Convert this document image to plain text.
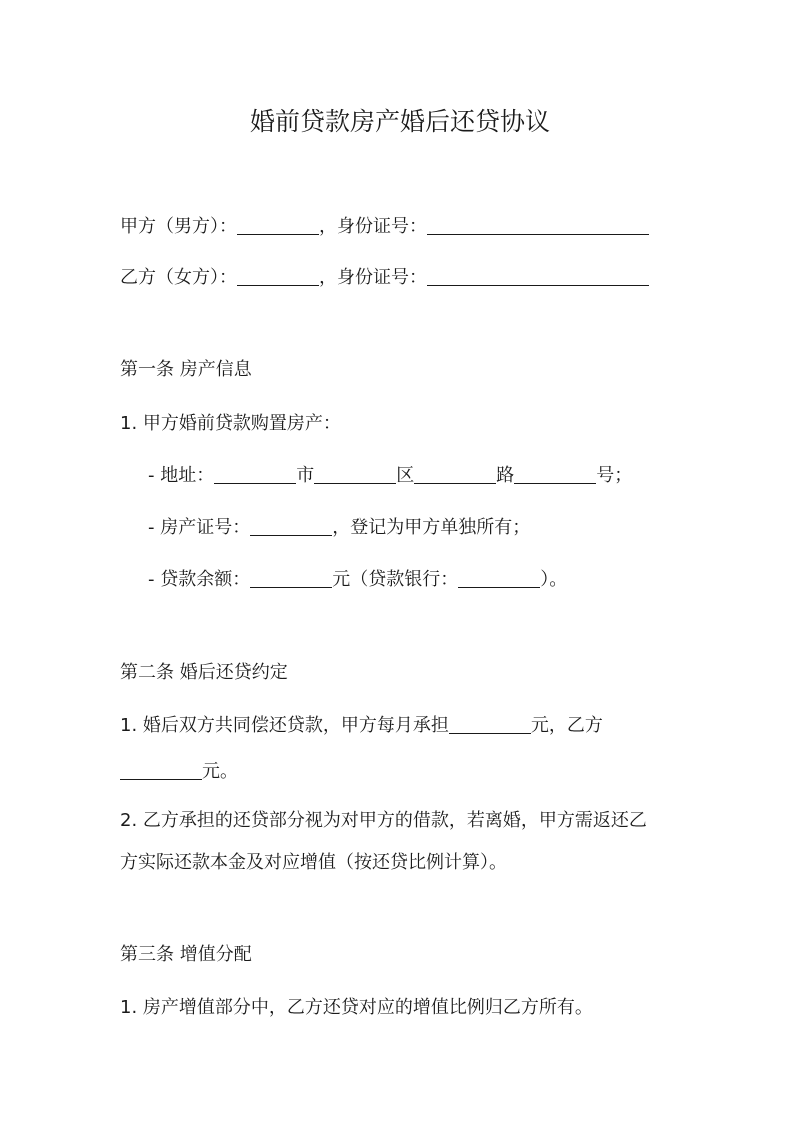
婚前贷款房产婚后还贷协议
甲方（男方）：	，身份证号：
乙方（女方）：	，身份证号：
第一条 房产信息
1. 甲方婚前贷款购置房产：
- 地址：	市	区	路	号；
- 房产证号：	，登记为甲方单独所有；
- 贷款余额：	元（贷款银行：	）。
第二条 婚后还贷约定
1. 婚后双方共同偿还贷款，甲方每月承担	元，乙方
元。
2. 乙方承担的还贷部分视为对甲方的借款，若离婚，甲方需返还乙
方实际还款本金及对应增值（按还贷比例计算）。
第三条 增值分配
1. 房产增值部分中，乙方还贷对应的增值比例归乙方所有。
